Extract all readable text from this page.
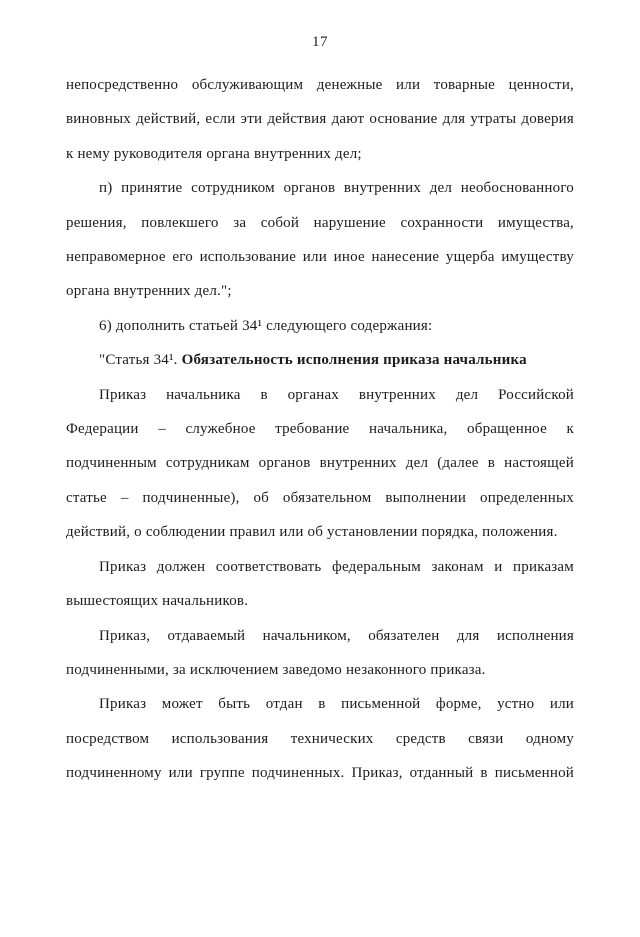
17
непосредственно обслуживающим денежные или товарные ценности,
виновных действий, если эти действия дают основание для утраты доверия
к нему руководителя органа внутренних дел;
п) принятие сотрудником органов внутренних дел необоснованного
решения, повлекшего за собой нарушение сохранности имущества,
неправомерное его использование или иное нанесение ущерба имуществу
органа внутренних дел.";
6) дополнить статьей 34¹ следующего содержания:
"Статья 34¹. Обязательность исполнения приказа начальника
Приказ начальника в органах внутренних дел Российской
Федерации – служебное требование начальника, обращенное к
подчиненным сотрудникам органов внутренних дел (далее в настоящей
статье – подчиненные), об обязательном выполнении определенных
действий, о соблюдении правил или об установлении порядка, положения.
Приказ должен соответствовать федеральным законам и приказам
вышестоящих начальников.
Приказ, отдаваемый начальником, обязателен для исполнения
подчиненными, за исключением заведомо незаконного приказа.
Приказ может быть отдан в письменной форме, устно или
посредством использования технических средств связи одному
подчиненному или группе подчиненных. Приказ, отданный в письменной
